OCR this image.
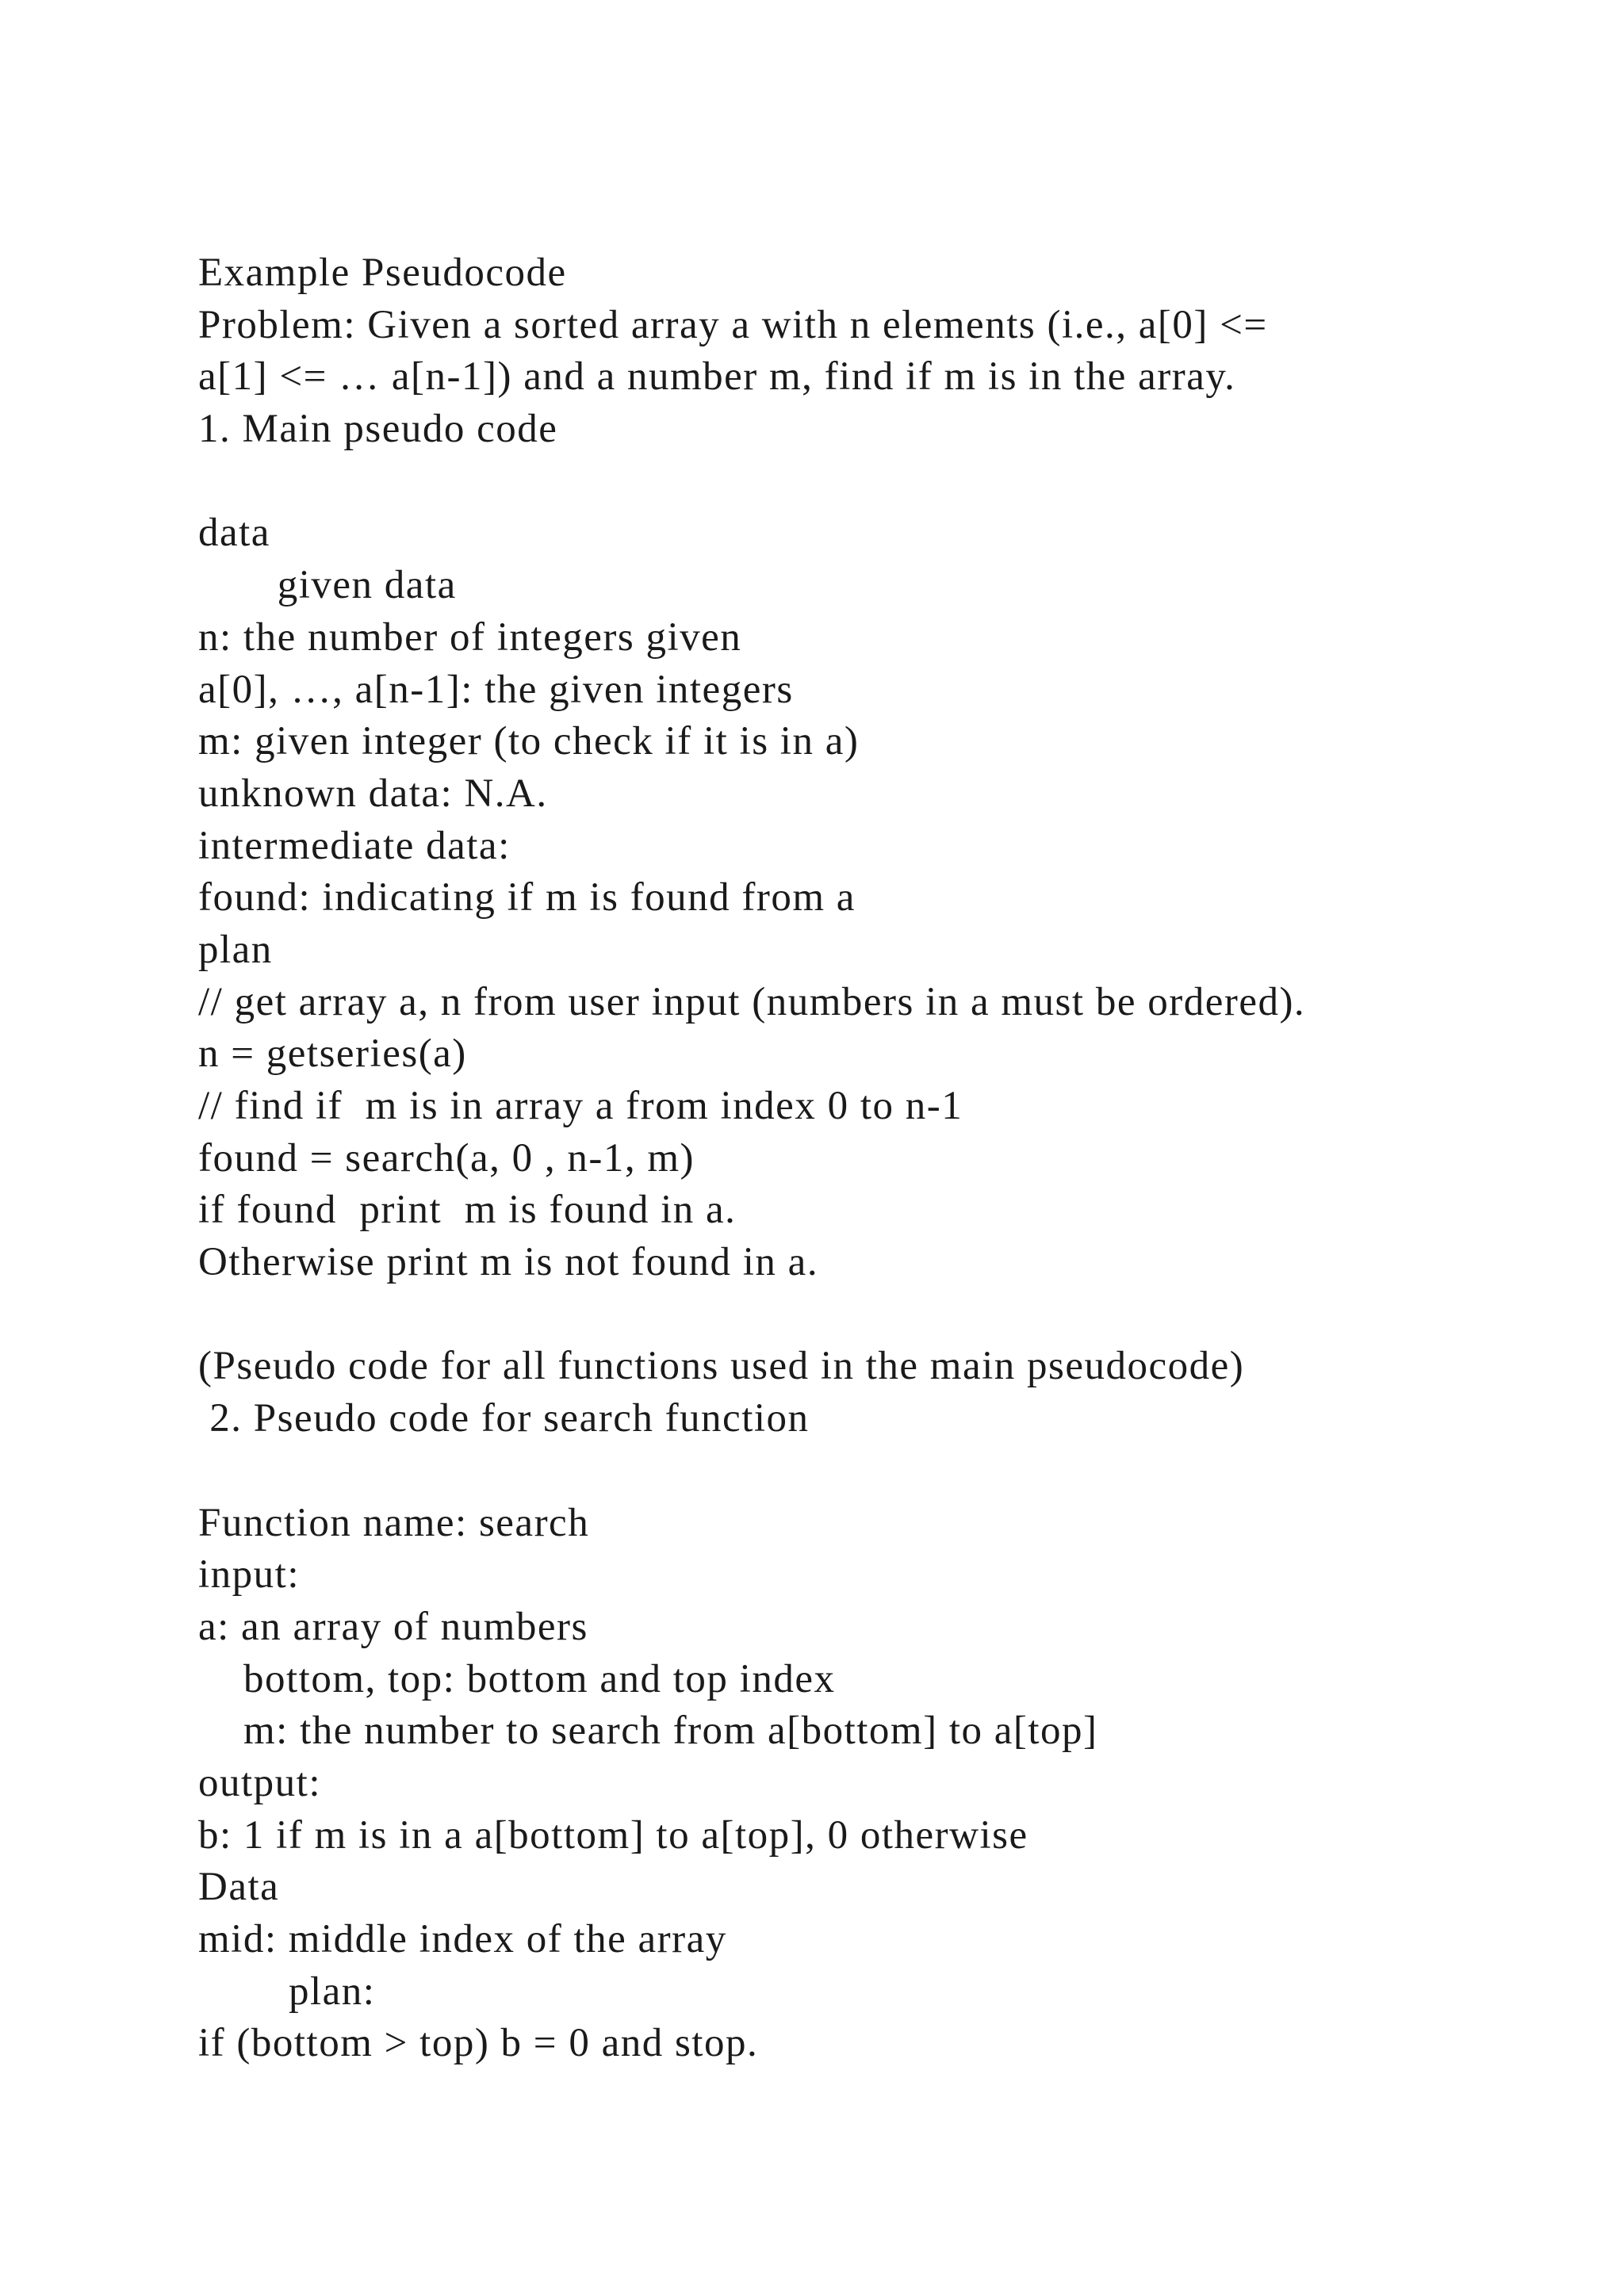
Example Pseudocode
Problem: Given a sorted array a with n elements (i.e., a[0] <=
a[1] <= … a[n-1]) and a number m, find if m is in the array.
1. Main pseudo code
data
given data
n: the number of integers given
a[0], …, a[n-1]: the given integers
m: given integer (to check if it is in a)
unknown data: N.A.
intermediate data:
found: indicating if m is found from a
plan
// get array a, n from user input (numbers in a must be ordered).
n = getseries(a)
// find if  m is in array a from index 0 to n-1
found = search(a, 0 , n-1, m)
if found  print  m is found in a.
Otherwise print m is not found in a.
(Pseudo code for all functions used in the main pseudocode)
2. Pseudo code for search function
Function name: search
input:
a: an array of numbers
bottom, top: bottom and top index
m: the number to search from a[bottom] to a[top]
output:
b: 1 if m is in a a[bottom] to a[top], 0 otherwise
Data
mid: middle index of the array
plan:
if (bottom > top) b = 0 and stop.
